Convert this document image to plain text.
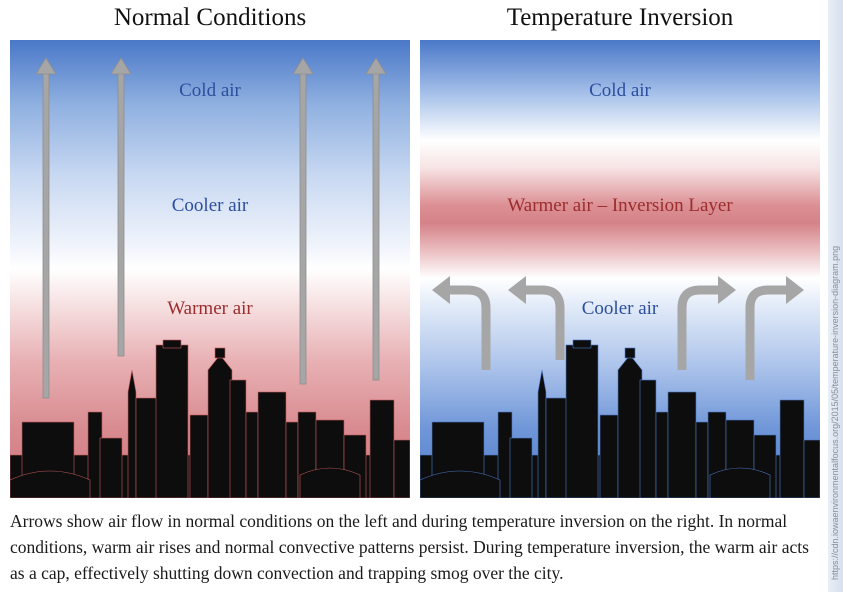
https://cdn.iowaenvironmentalfocus.org/2015/05/temperature-inversion-diagram.png
Normal Conditions	Temperature Inversion
Cold air
Cooler air
Warmer air
Cold air
Warmer air – Inversion Layer
Cooler air
Arrows show air flow in normal conditions on the left and during temperature inversion on the right. In normal conditions, warm air rises and normal convective patterns persist. During temperature inversion, the warm air acts as a cap, effectively shutting down convection and trapping smog over the city.
